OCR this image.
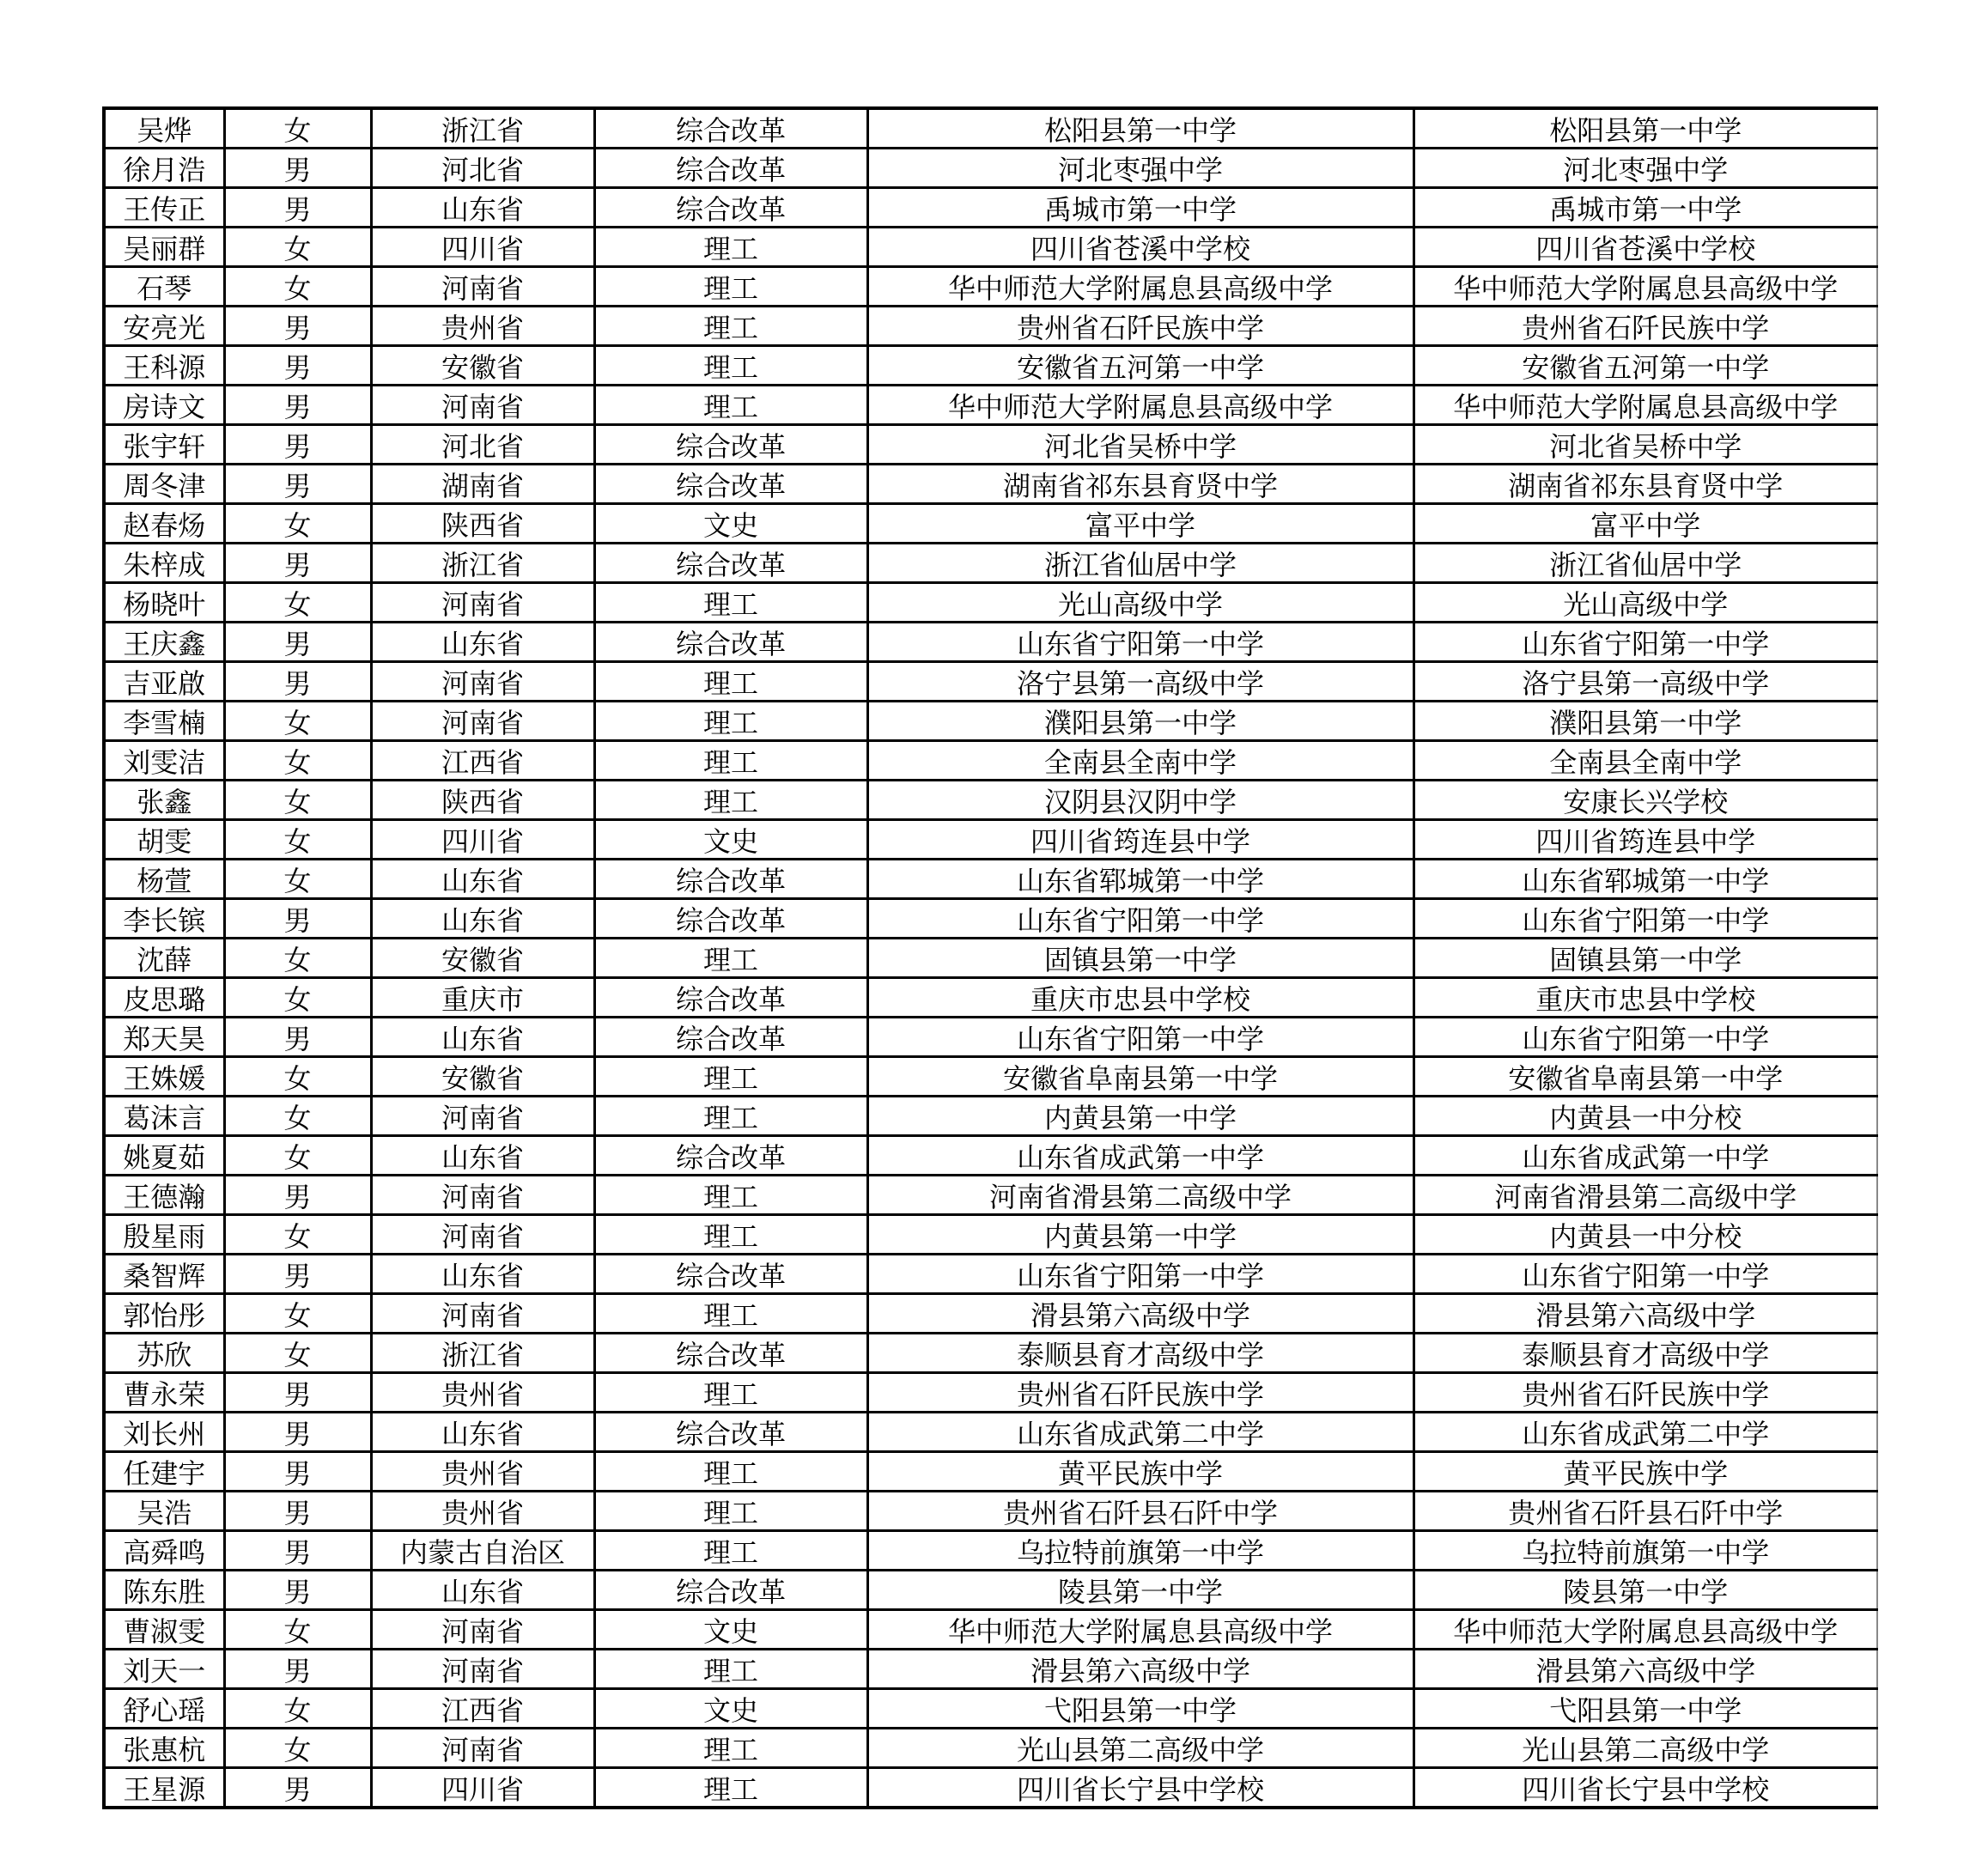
吴烨	女	浙江省	综合改革	松阳县第一中学	松阳县第一中学
徐月浩	男	河北省	综合改革	河北枣强中学	河北枣强中学
王传正	男	山东省	综合改革	禹城市第一中学	禹城市第一中学
吴丽群	女	四川省	理工	四川省苍溪中学校	四川省苍溪中学校
石琴	女	河南省	理工	华中师范大学附属息县高级中学	华中师范大学附属息县高级中学
安亮光	男	贵州省	理工	贵州省石阡民族中学	贵州省石阡民族中学
王科源	男	安徽省	理工	安徽省五河第一中学	安徽省五河第一中学
房诗文	男	河南省	理工	华中师范大学附属息县高级中学	华中师范大学附属息县高级中学
张宇轩	男	河北省	综合改革	河北省吴桥中学	河北省吴桥中学
周冬津	男	湖南省	综合改革	湖南省祁东县育贤中学	湖南省祁东县育贤中学
赵春炀	女	陕西省	文史	富平中学	富平中学
朱梓成	男	浙江省	综合改革	浙江省仙居中学	浙江省仙居中学
杨晓叶	女	河南省	理工	光山高级中学	光山高级中学
王庆鑫	男	山东省	综合改革	山东省宁阳第一中学	山东省宁阳第一中学
吉亚啟	男	河南省	理工	洛宁县第一高级中学	洛宁县第一高级中学
李雪楠	女	河南省	理工	濮阳县第一中学	濮阳县第一中学
刘雯洁	女	江西省	理工	全南县全南中学	全南县全南中学
张鑫	女	陕西省	理工	汉阴县汉阴中学	安康长兴学校
胡雯	女	四川省	文史	四川省筠连县中学	四川省筠连县中学
杨萱	女	山东省	综合改革	山东省郓城第一中学	山东省郓城第一中学
李长镔	男	山东省	综合改革	山东省宁阳第一中学	山东省宁阳第一中学
沈薛	女	安徽省	理工	固镇县第一中学	固镇县第一中学
皮思璐	女	重庆市	综合改革	重庆市忠县中学校	重庆市忠县中学校
郑天昊	男	山东省	综合改革	山东省宁阳第一中学	山东省宁阳第一中学
王姝媛	女	安徽省	理工	安徽省阜南县第一中学	安徽省阜南县第一中学
葛沫言	女	河南省	理工	内黄县第一中学	内黄县一中分校
姚夏茹	女	山东省	综合改革	山东省成武第一中学	山东省成武第一中学
王德瀚	男	河南省	理工	河南省滑县第二高级中学	河南省滑县第二高级中学
殷星雨	女	河南省	理工	内黄县第一中学	内黄县一中分校
桑智辉	男	山东省	综合改革	山东省宁阳第一中学	山东省宁阳第一中学
郭怡彤	女	河南省	理工	滑县第六高级中学	滑县第六高级中学
苏欣	女	浙江省	综合改革	泰顺县育才高级中学	泰顺县育才高级中学
曹永荣	男	贵州省	理工	贵州省石阡民族中学	贵州省石阡民族中学
刘长州	男	山东省	综合改革	山东省成武第二中学	山东省成武第二中学
任建宇	男	贵州省	理工	黄平民族中学	黄平民族中学
吴浩	男	贵州省	理工	贵州省石阡县石阡中学	贵州省石阡县石阡中学
高舜鸣	男	内蒙古自治区	理工	乌拉特前旗第一中学	乌拉特前旗第一中学
陈东胜	男	山东省	综合改革	陵县第一中学	陵县第一中学
曹淑雯	女	河南省	文史	华中师范大学附属息县高级中学	华中师范大学附属息县高级中学
刘天一	男	河南省	理工	滑县第六高级中学	滑县第六高级中学
舒心瑶	女	江西省	文史	弋阳县第一中学	弋阳县第一中学
张惠杭	女	河南省	理工	光山县第二高级中学	光山县第二高级中学
王星源	男	四川省	理工	四川省长宁县中学校	四川省长宁县中学校
